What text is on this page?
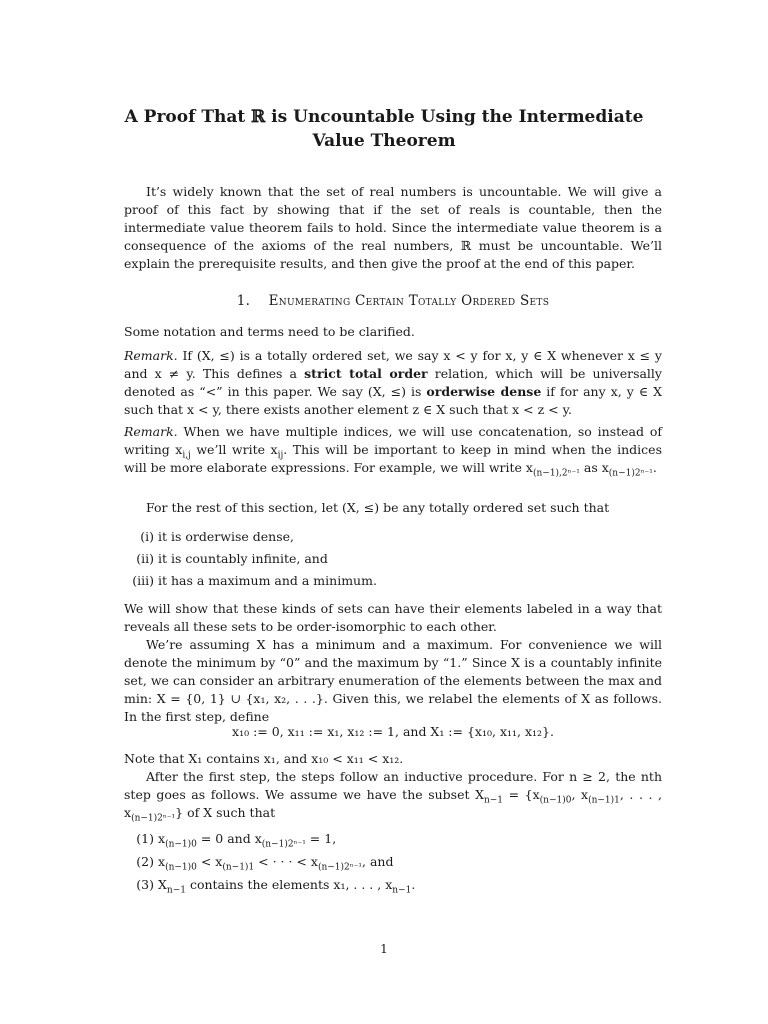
A Proof That ℝ is Uncountable Using the Intermediate Value Theorem

It’s widely known that the set of real numbers is uncountable. We will give a proof of this fact by showing that if the set of reals is countable, then the intermediate value theorem fails to hold. Since the intermediate value theorem is a consequence of the axioms of the real numbers, ℝ must be uncountable. We’ll explain the prerequisite results, and then give the proof at the end of this paper.

1. Enumerating Certain Totally Ordered Sets

Some notation and terms need to be clarified.

Remark. If (X, ≤) is a totally ordered set, we say x < y for x, y ∈ X whenever x ≤ y and x ≠ y. This defines a strict total order relation, which will be universally denoted as “<” in this paper. We say (X, ≤) is orderwise dense if for any x, y ∈ X such that x < y, there exists another element z ∈ X such that x < z < y.

Remark. When we have multiple indices, we will use concatenation, so instead of writing $x_{i,j}$ we’ll write $x_{ij}$. This will be important to keep in mind when the indices will be more elaborate expressions. For example, we will write $x_{(n-1),2^{n-1}}$ as $x_{(n-1)2^{n-1}}$.

For the rest of this section, let (X, ≤) be any totally ordered set such that

(i) it is orderwise dense,
(ii) it is countably infinite, and
(iii) it has a maximum and a minimum.

We will show that these kinds of sets can have their elements labeled in a way that reveals all these sets to be order-isomorphic to each other.

We’re assuming X has a minimum and a maximum. For convenience we will denote the minimum by “0” and the maximum by “1.” Since X is a countably infinite set, we can consider an arbitrary enumeration of the elements between the max and min: X = {0, 1} ∪ {x₁, x₂, . . .}. Given this, we relabel the elements of X as follows. In the first step, define

x₁₀ := 0, x₁₁ := x₁, x₁₂ := 1, and X₁ := {x₁₀, x₁₁, x₁₂}.

Note that X₁ contains x₁, and x₁₀ < x₁₁ < x₁₂.

After the first step, the steps follow an inductive procedure. For n ≥ 2, the nth step goes as follows. We assume we have the subset $X_{n-1} = \{x_{(n-1)0}$, $x_{(n-1)1}$, . . . , $x_{(n-1)2^{n-1}}$} of X such that

(1) $x_{(n-1)0} = 0$ and $x_{(n-1)2^{n-1}} = 1$,
(2) $x_{(n-1)0} < x_{(n-1)1}$ < · · · < $x_{(n-1)2^{n-1}}$, and
(3) $X_{n-1}$ contains the elements x₁, . . . , $x_{n-1}$.
1
